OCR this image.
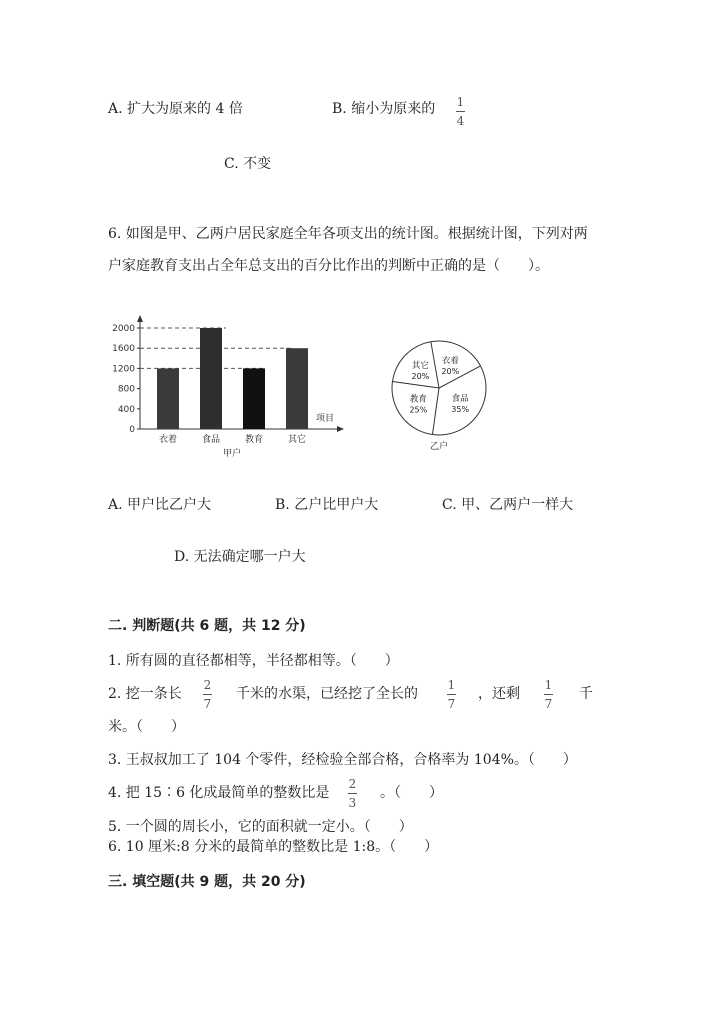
A. 扩大为原来的 4 倍	B. 缩小为原来的 1
4
C. 不变
6. 如图是甲、乙两户居民家庭全年各项支出的统计图。根据统计图，下列对两
户家庭教育支出占全年总支出的百分比作出的判断中正确的是（　　）。
0
400
800
1200
1600
2000
衣着	食品	教育	其它
甲户
项目
衣着
20%
食品
35%
教育
25%
其它
20%
乙户
A. 甲户比乙户大	B. 乙户比甲户大	C. 甲、乙两户一样大
D. 无法确定哪一户大
二. 判断题(共 6 题，共 12 分)
1. 所有圆的直径都相等，半径都相等。（　　）
2. 挖一条长
2
7
千米的水渠，已经挖了全长的
1
7
，还剩
1
7
千
米。（　　）
3. 王叔叔加工了 104 个零件，经检验全部合格，合格率为 104%。（　　）
4. 把 15∶6 化成最简单的整数比是
2
3
。（　　）
5. 一个圆的周长小，它的面积就一定小。（　　）
6. 10 厘米:8 分米的最简单的整数比是 1:8。（　　）
三. 填空题(共 9 题，共 20 分)
